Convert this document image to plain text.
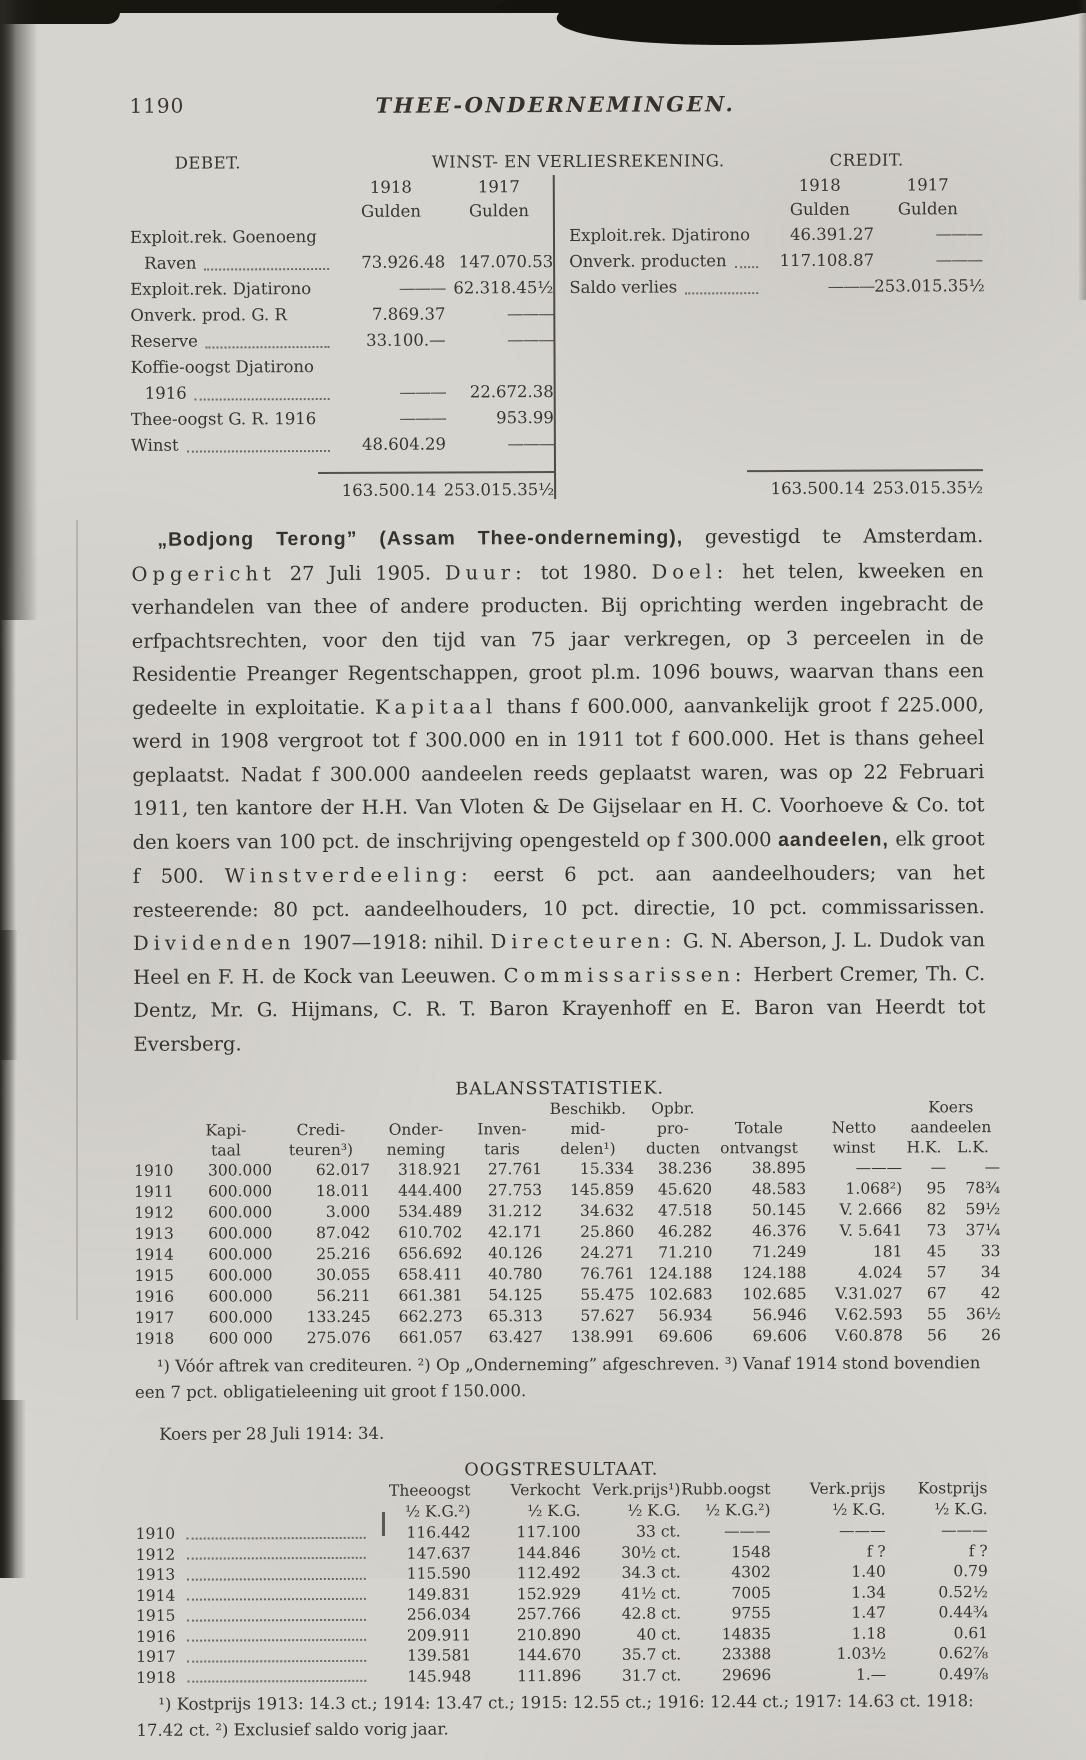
1190	THEE-ONDERNEMINGEN.
DEBET.	WINST- EN VERLIESREKENING.	CREDIT.
1918	1917
Gulden	Gulden
Exploit.rek. Goenoeng
Raven	73.926.48 147.070.53
Exploit.rek. Djatirono	——— 62.318.45½
Onverk. prod. G. R	7.869.37	———
Reserve	33.100.—	———
Koffie-oogst Djatirono
1916	———	22.672.38
Thee-oogst G. R. 1916	———	953.99
Winst	48.604.29	———
163.500.14 253.015.35½
1918	1917
Gulden	Gulden
Exploit.rek. Djatirono	46.391.27	———
Onverk. producten	117.108.87	———
Saldo verlies	——— 253.015.35½
163.500.14 253.015.35½

„Bodjong Terong” (Assam Thee-onderneming), gevestigd te Amsterdam. Opgericht 27 Juli 1905. Duur: tot 1980. Doel: het telen, kweeken en verhandelen van thee of andere producten. Bij oprichting werden ingebracht de erfpachtsrechten, voor den tijd van 75 jaar verkregen, op 3 perceelen in de Residentie Preanger Regentschappen, groot pl.m. 1096 bouws, waarvan thans een gedeelte in exploitatie. Kapitaal thans f 600.000, aanvankelijk groot f 225.000, werd in 1908 vergroot tot f 300.000 en in 1911 tot f 600.000. Het is thans geheel geplaatst. Nadat f 300.000 aandeelen reeds geplaatst waren, was op 22 Februari 1911, ten kantore der H.H. Van Vloten & De Gijselaar en H. C. Voorhoeve & Co. tot den koers van 100 pct. de inschrijving opengesteld op f 300.000 aandeelen, elk groot f 500. Winstverdeeling: eerst 6 pct. aan aandeelhouders; van het resteerende: 80 pct. aandeelhouders, 10 pct. directie, 10 pct. commissarissen. Dividenden 1907—1918: nihil. Directeuren: G. N. Aberson, J. L. Dudok van Heel en F. H. de Kock van Leeuwen. Commissarissen: Herbert Cremer, Th. C. Dentz, Mr. G. Hijmans, C. R. T. Baron Krayenhoff en E. Baron van Heerdt tot Eversberg.

BALANSSTATISTIEK.
Beschikb.	Opbr.	Koers
Kapi-	Credi-	Onder-	Inven-	mid-	pro-	Totale	Netto	aandeelen
taal	teuren³)	neming	taris	delen¹)	ducten	ontvangst	winst	H.K.	L.K.
1910	300.000	62.017	318.921	27.761	15.334	38.236	38.895	———	—	—
1911	600.000	18.011	444.400	27.753	145.859	45.620	48.583	1.068²)	95	78¾
1912	600.000	3.000	534.489	31.212	34.632	47.518	50.145	V. 2.666	82	59½
1913	600.000	87.042	610.702	42.171	25.860	46.282	46.376	V. 5.641	73	37¼
1914	600.000	25.216	656.692	40.126	24.271	71.210	71.249	181	45	33
1915	600.000	30.055	658.411	40.780	76.761 124.188	124.188	4.024	57	34
1916	600.000	56.211	661.381	54.125	55.475 102.683	102.685	V.31.027	67	42
1917	600.000	133.245	662.273	65.313	57.627	56.934	56.946	V.62.593	55	36½
1918	600 000	275.076	661.057	63.427	138.991	69.606	69.606	V.60.878	56	26

¹) Vóór aftrek van crediteuren. ²) Op „Onderneming” afgeschreven. ³) Vanaf 1914 stond bovendien een 7 pct. obligatieleening uit groot f 150.000.

Koers per 28 Juli 1914: 34.
OOGSTRESULTAAT.
Theeoogst	Verkocht Verk.prijs¹) Rubb.oogst	Verk.prijs	Kostprijs
½ K.G.²)	½ K.G.	½ K.G.	½ K.G.²)	½ K.G.	½ K.G.
1910	116.442	117.100	33 ct.	———	———	———
1912	147.637	144.846	30½ ct.	1548	f ?	f ?
1913	115.590	112.492	34.3 ct.	4302	1.40	0.79
1914	149.831	152.929	41½ ct.	7005	1.34	0.52½
1915	256.034	257.766	42.8 ct.	9755	1.47	0.44¾
1916	209.911	210.890	40 ct.	14835	1.18	0.61
1917	139.581	144.670	35.7 ct.	23388	1.03½	0.62⅞
1918	145.948	111.896	31.7 ct.	29696	1.—	0.49⅞

¹) Kostprijs 1913: 14.3 ct.; 1914: 13.47 ct.; 1915: 12.55 ct.; 1916: 12.44 ct.; 1917: 14.63 ct. 1918: 17.42 ct. ²) Exclusief saldo vorig jaar.
